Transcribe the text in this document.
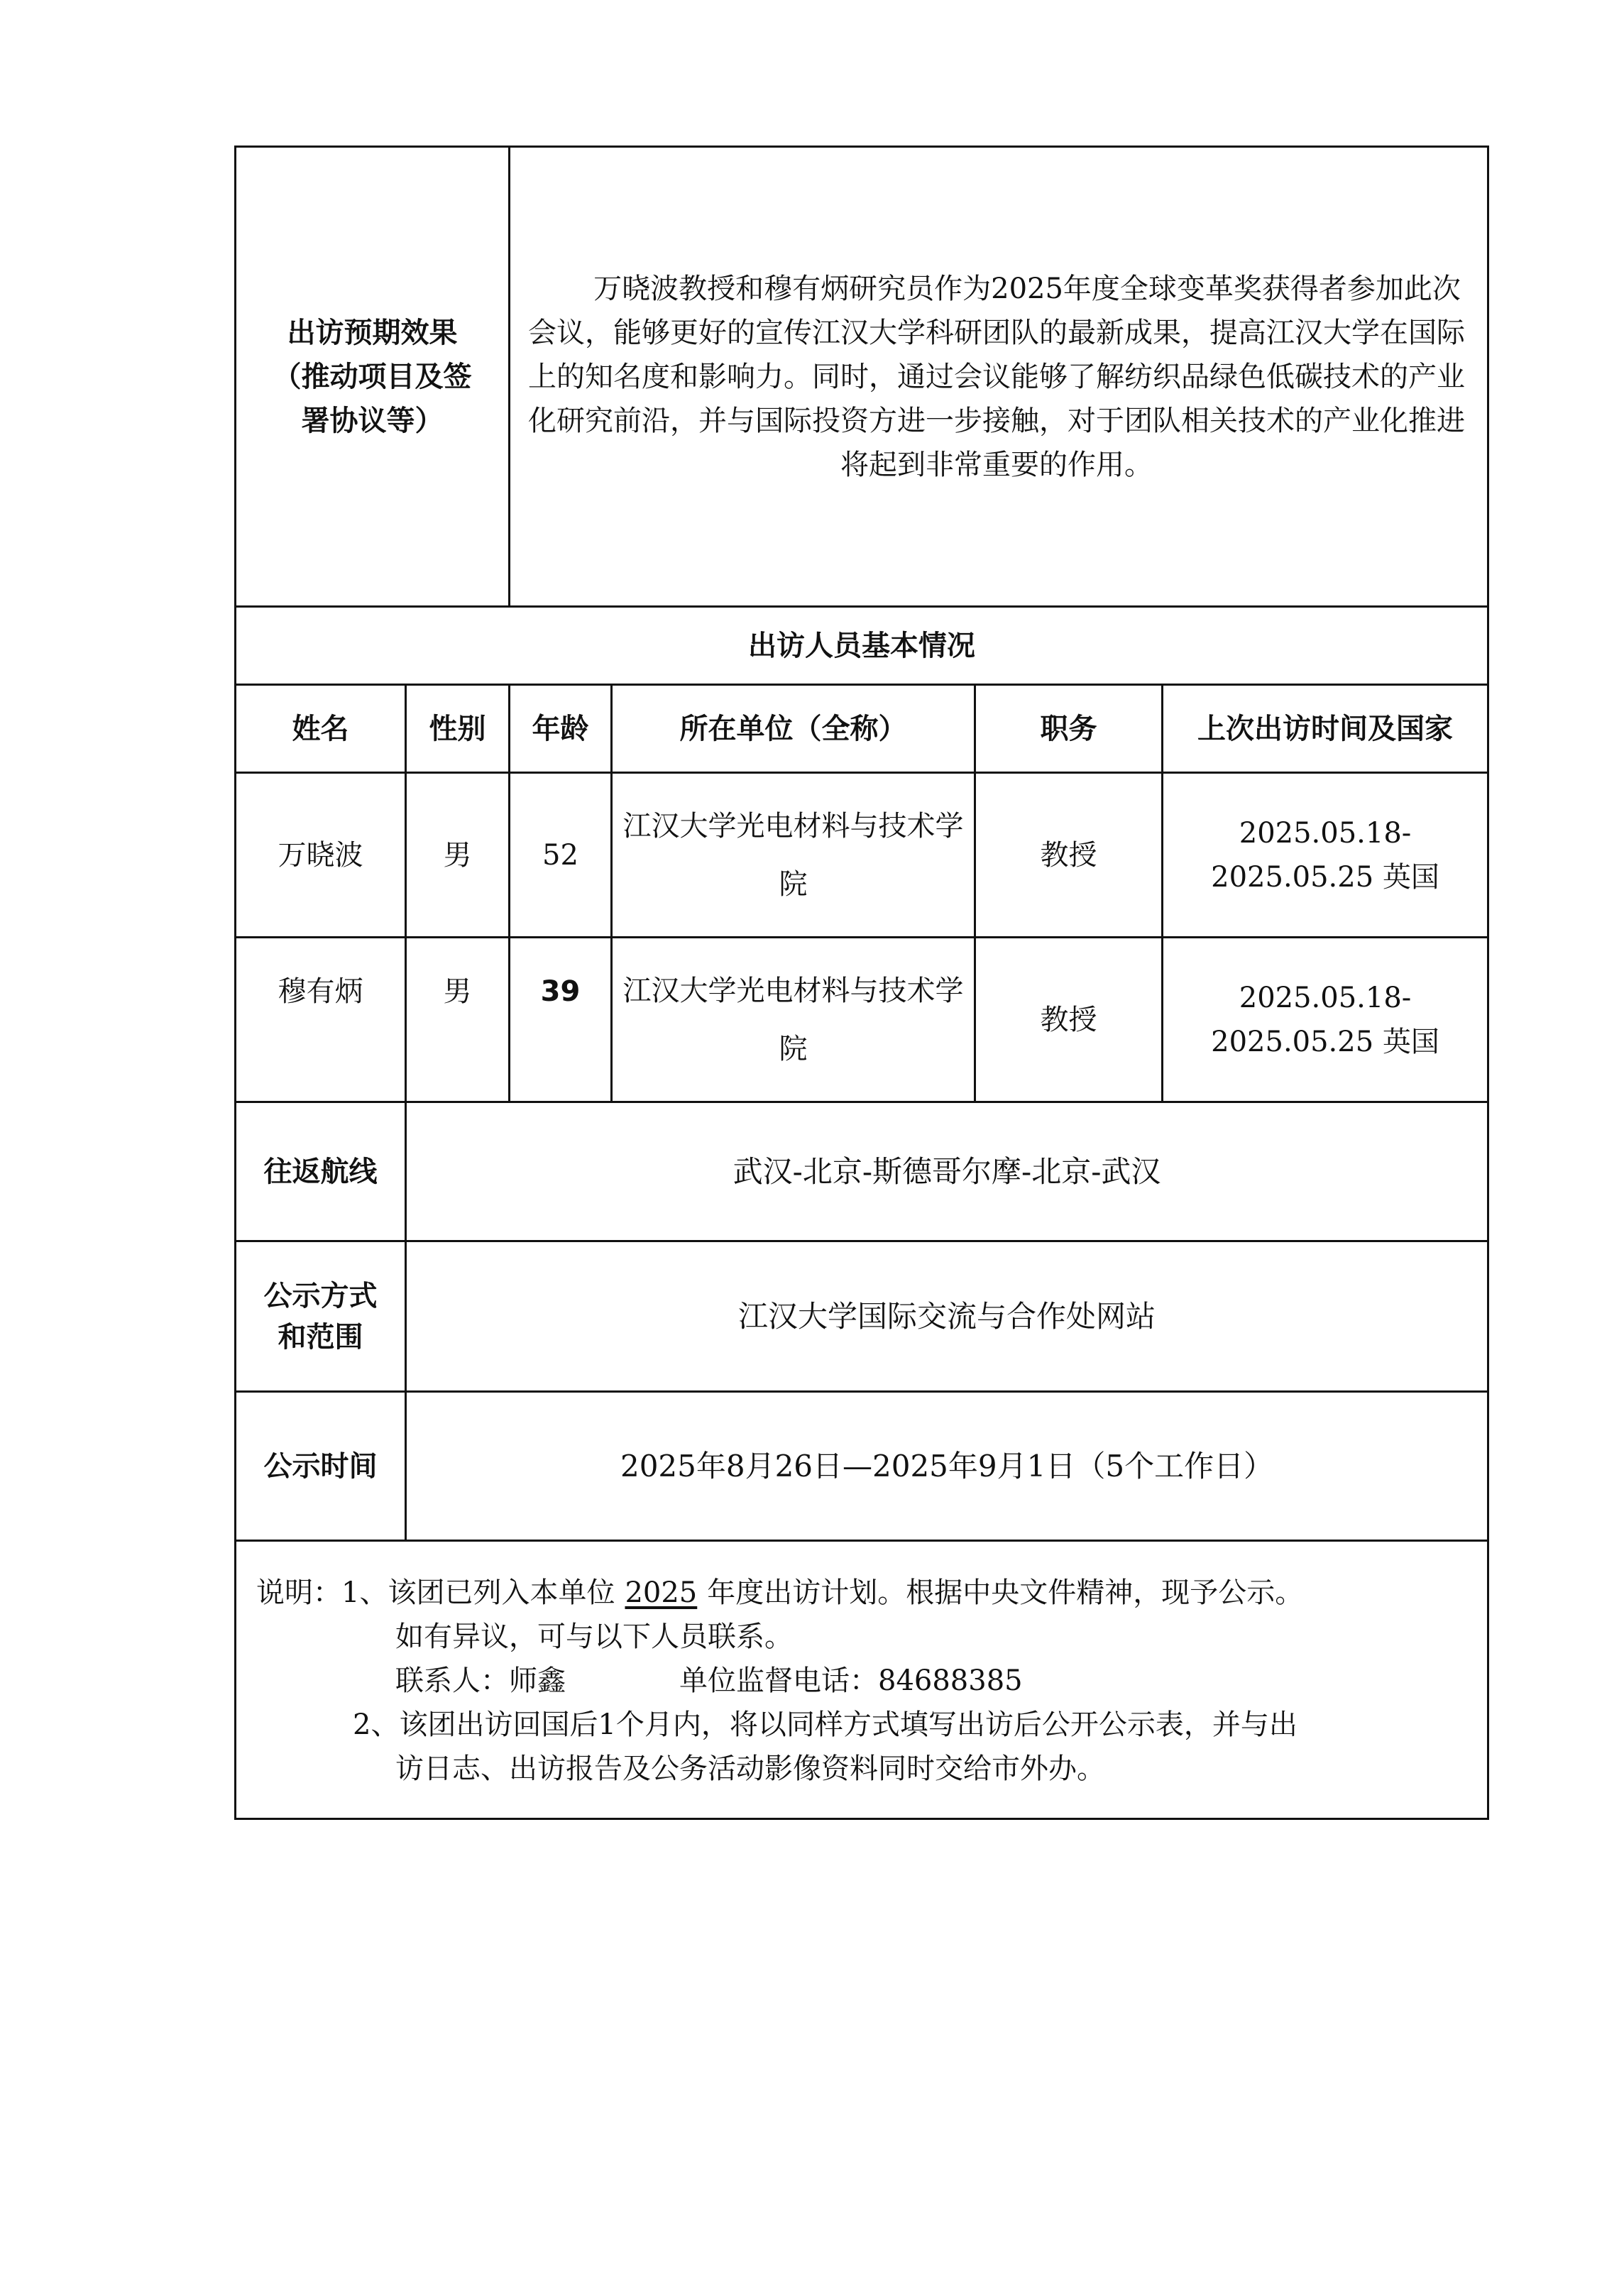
出访预期效果
（推动项目及签
署协议等）		万晓波教授和穆有炳研究员作为2025年度全球变革奖获得者参加此次会议，能够更好的宣传江汉大学科研团队的最新成果，提高江汉大学在国际上的知名度和影响力。同时，通过会议能够了解纺织品绿色低碳技术的产业化研究前沿，并与国际投资方进一步接触，对于团队相关技术的产业化推进将起到非常重要的作用。			
出访人员基本情况					
姓名	性别	年龄	所在单位（全称）	职务	上次出访时间及国家
万晓波	男	52	江汉大学光电材料与技术学院	教授	2025.05.18-2025.05.25 英国
穆有炳	男	39	江汉大学光电材料与技术学院	教授	2025.05.18-2025.05.25 英国
往返航线	武汉-北京-斯德哥尔摩-北京-武汉				

公示方式
和范围	江汉大学国际交流与合作处网站				
公示时间	2025年8月26日—2025年9月1日（5个工作日）				

说明：1、该团已列入本单位 2025 年度出访计划。根据中央文件精神，现予公示。
如有异议，可与以下人员联系。
联系人：师鑫 单位监督电话：84688385
2、该团出访回国后1个月内，将以同样方式填写出访后公开公示表，并与出
访日志、出访报告及公务活动影像资料同时交给市外办。					
